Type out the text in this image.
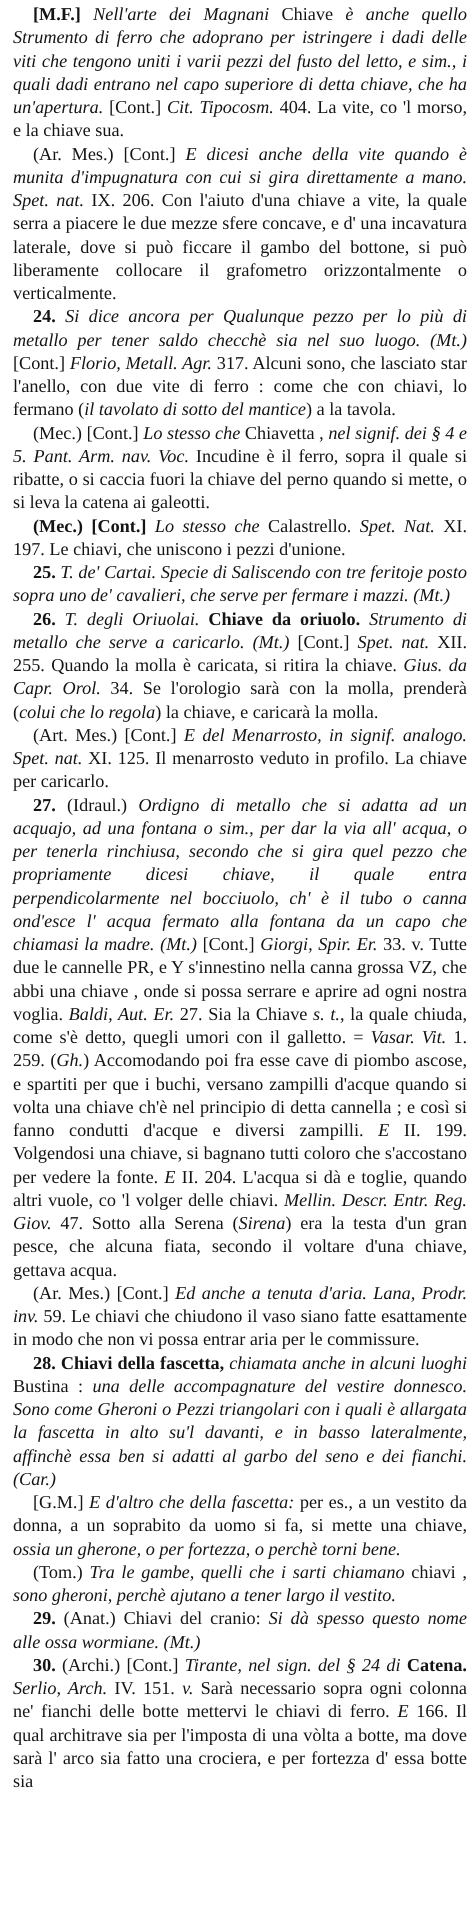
[M.F.] Nell'arte dei Magnani Chiave è anche quello Strumento di ferro che adoprano per istringere i dadi delle viti che tengono uniti i varii pezzi del fusto del letto, e sim., i quali dadi entrano nel capo superiore di detta chiave, che ha un'apertura. [Cont.] Cit. Tipocosm. 404. La vite, co 'l morso, e la chiave sua.

(Ar. Mes.) [Cont.] E dicesi anche della vite quando è munita d'impugnatura con cui si gira direttamente a mano. Spet. nat. IX. 206. Con l'aiuto d'una chiave a vite, la quale serra a piacere le due mezze sfere concave, e d' una incavatura laterale, dove si può ficcare il gambo del bottone, si può liberamente collocare il grafometro orizzontalmente o verticalmente.

24. Si dice ancora per Qualunque pezzo per lo più di metallo per tener saldo checchè sia nel suo luogo. (Mt.) [Cont.] Florio, Metall. Agr. 317. Alcuni sono, che lasciato star l'anello, con due vite di ferro : come che con chiavi, lo fermano (il tavolato di sotto del mantice) a la tavola.

(Mec.) [Cont.] Lo stesso che Chiavetta , nel signif. dei § 4 e 5. Pant. Arm. nav. Voc. Incudine è il ferro, sopra il quale si ribatte, o si caccia fuori la chiave del perno quando si mette, o si leva la catena ai galeotti.

(Mec.) [Cont.] Lo stesso che Calastrello. Spet. Nat. XI. 197. Le chiavi, che uniscono i pezzi d'unione.

25. T. de' Cartai. Specie di Saliscendo con tre feritoje posto sopra uno de' cavalieri, che serve per fermare i mazzi. (Mt.)

26. T. degli Oriuolai. Chiave da oriuolo. Strumento di metallo che serve a caricarlo. (Mt.) [Cont.] Spet. nat. XII. 255. Quando la molla è caricata, si ritira la chiave. Gius. da Capr. Orol. 34. Se l'orologio sarà con la molla, prenderà (colui che lo regola) la chiave, e caricarà la molla.

(Art. Mes.) [Cont.] E del Menarrosto, in signif. analogo. Spet. nat. XI. 125. Il menarrosto veduto in profilo. La chiave per caricarlo.

27. (Idraul.) Ordigno di metallo che si adatta ad un acquajo, ad una fontana o sim., per dar la via all' acqua, o per tenerla rinchiusa, secondo che si gira quel pezzo che propriamente dicesi chiave, il quale entra perpendicolarmente nel bocciuolo, ch' è il tubo o canna ond'esce l' acqua fermato alla fontana da un capo che chiamasi la madre. (Mt.) [Cont.] Giorgi, Spir. Er. 33. v. Tutte due le cannelle PR, e Y s'innestino nella canna grossa VZ, che abbi una chiave , onde si possa serrare e aprire ad ogni nostra voglia. Baldi, Aut. Er. 27. Sia la Chiave s. t., la quale chiuda, come s'è detto, quegli umori con il galletto. = Vasar. Vit. 1. 259. (Gh.) Accomodando poi fra esse cave di piombo ascose, e spartiti per que i buchi, versano zampilli d'acque quando si volta una chiave ch'è nel principio di detta cannella ; e così si fanno condutti d'acque e diversi zampilli. E II. 199. Volgendosi una chiave, si bagnano tutti coloro che s'accostano per vedere la fonte. E II. 204. L'acqua si dà e toglie, quando altri vuole, co 'l volger delle chiavi. Mellin. Descr. Entr. Reg. Giov. 47. Sotto alla Serena (Sirena) era la testa d'un gran pesce, che alcuna fiata, secondo il voltare d'una chiave, gettava acqua.

(Ar. Mes.) [Cont.] Ed anche a tenuta d'aria. Lana, Prodr. inv. 59. Le chiavi che chiudono il vaso siano fatte esattamente in modo che non vi possa entrar aria per le commissure.

28. Chiavi della fascetta, chiamata anche in alcuni luoghi Bustina : una delle accompagnature del vestire donnesco. Sono come Gheroni o Pezzi triangolari con i quali è allargata la fascetta in alto su'l davanti, e in basso lateralmente, affinchè essa ben si adatti al garbo del seno e dei fianchi. (Car.)

[G.M.] E d'altro che della fascetta: per es., a un vestito da donna, a un soprabito da uomo si fa, si mette una chiave, ossia un gherone, o per fortezza, o perchè torni bene.

(Tom.) Tra le gambe, quelli che i sarti chiamano chiavi , sono gheroni, perchè ajutano a tener largo il vestito.

29. (Anat.) Chiavi del cranio: Si dà spesso questo nome alle ossa wormiane. (Mt.)

30. (Archi.) [Cont.] Tirante, nel sign. del § 24 di Catena. Serlio, Arch. IV. 151. v. Sarà necessario sopra ogni colonna ne' fianchi delle botte mettervi le chiavi di ferro. E 166. Il qual architrave sia per l'imposta di una vòlta a botte, ma dove sarà l' arco sia fatto una crociera, e per fortezza d' essa botte sia
